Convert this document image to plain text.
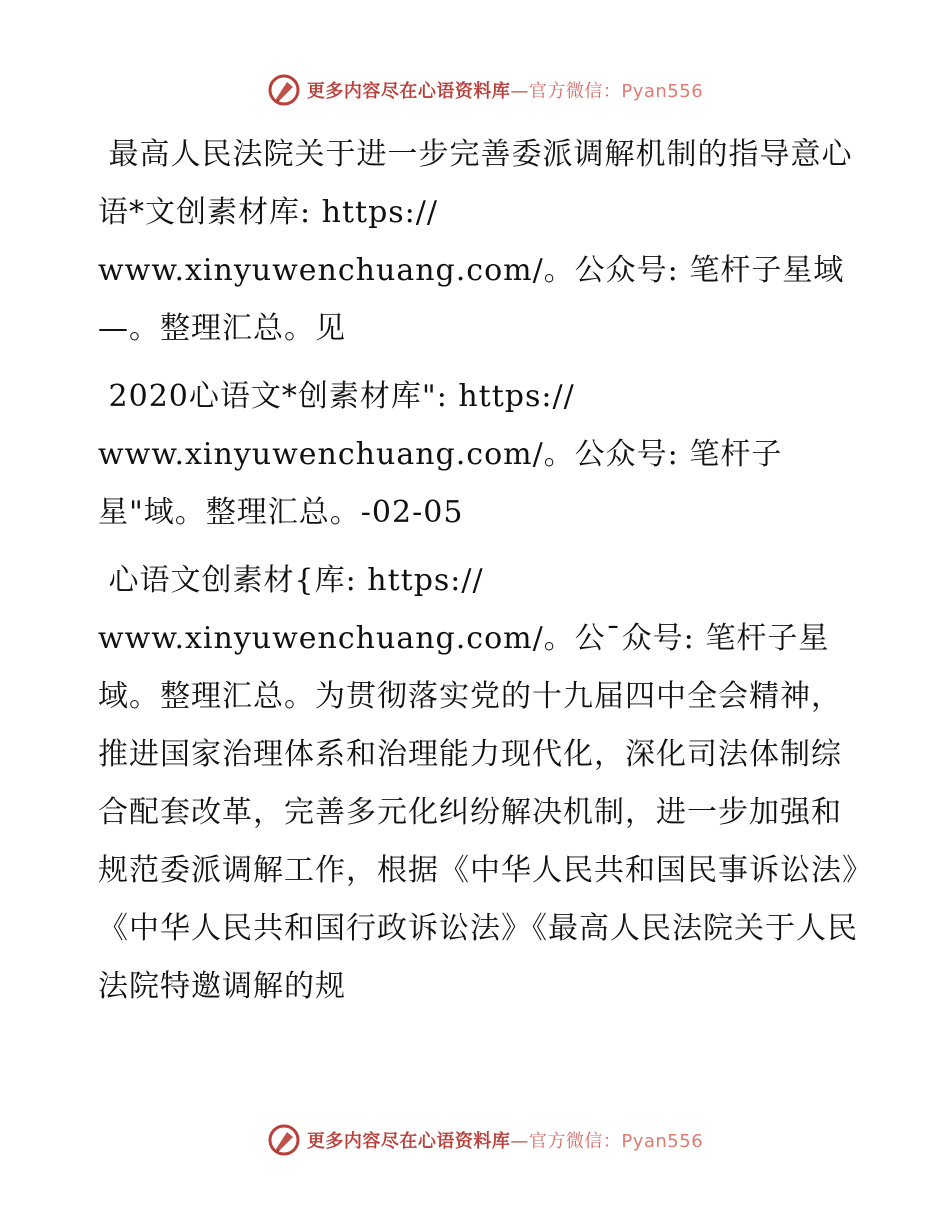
更多内容尽在心语资料库—官方微信：Pyan556

最高人民法院关于进一步完善委派调解机制的指导意心语*文创素材库: https://
www.xinyuwenchuang.com/。公众号: 笔杆子星域—。整理汇总。见

2020心语文*创素材库": https://
www.xinyuwenchuang.com/。公众号: 笔杆子
星"域。整理汇总。-02-05

心语文创素材{库: https://
www.xinyuwenchuang.com/。公¯众号: 笔杆子星
域。整理汇总。为贯彻落实党的十九届四中全会精神，推进国家治理体系和治理能力现代化，深化司法体制综合配套改革，完善多元化纠纷解决机制，进一步加强和规范委派调解工作，根据《中华人民共和国民事诉讼法》《中华人民共和国行政诉讼法》《最高人民法院关于人民法院特邀调解的规

更多内容尽在心语资料库—官方微信：Pyan556
